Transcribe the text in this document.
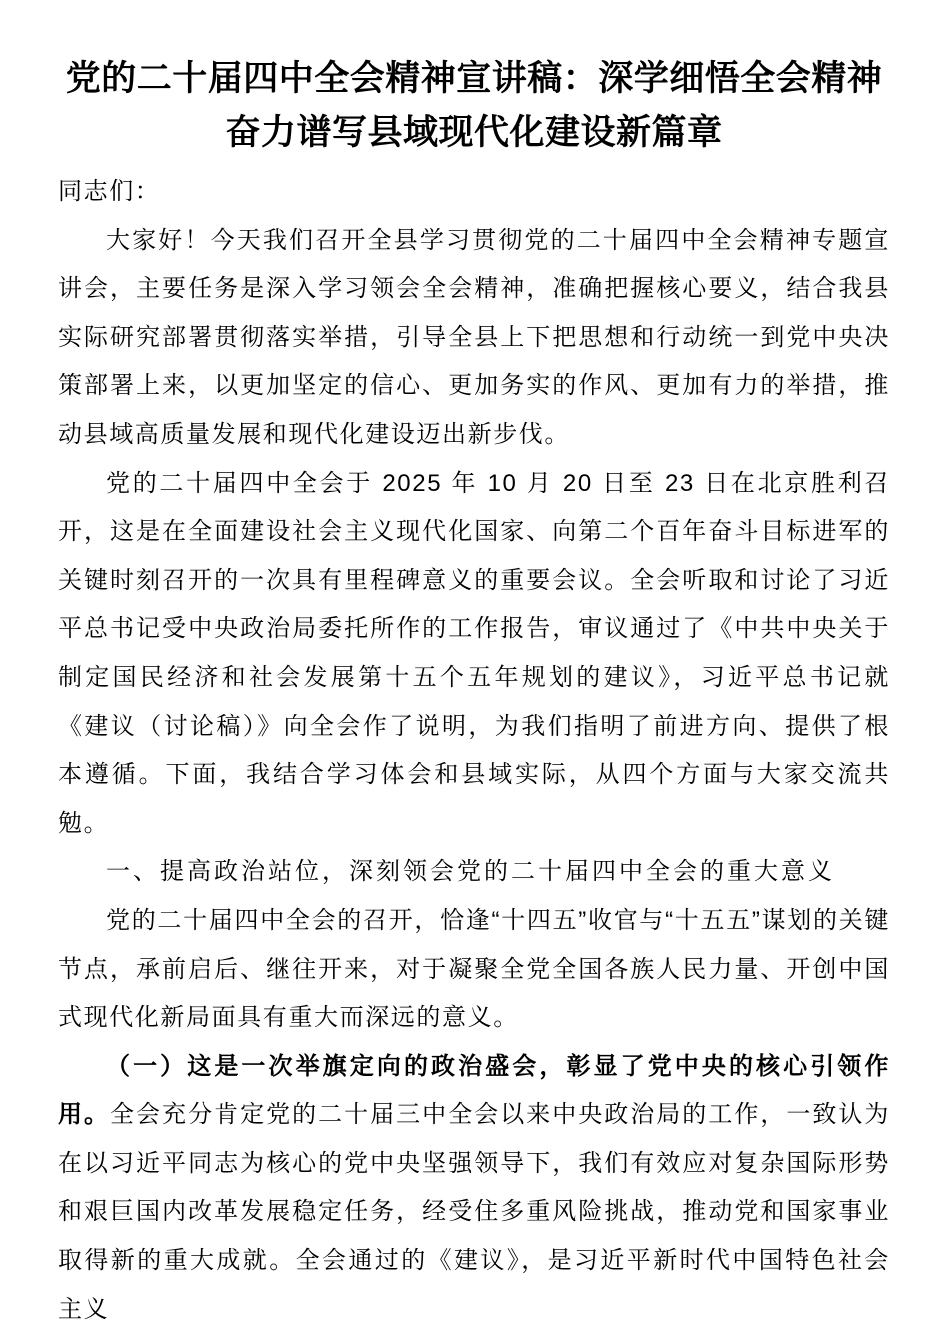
党的二十届四中全会精神宣讲稿：深学细悟全会精神
奋力谱写县域现代化建设新篇章

同志们：

大家好！今天我们召开全县学习贯彻党的二十届四中全会精神专题宣讲会，主要任务是深入学习领会全会精神，准确把握核心要义，结合我县实际研究部署贯彻落实举措，引导全县上下把思想和行动统一到党中央决策部署上来，以更加坚定的信心、更加务实的作风、更加有力的举措，推动县域高质量发展和现代化建设迈出新步伐。

党的二十届四中全会于 2025 年 10 月 20 日至 23 日在北京胜利召开，这是在全面建设社会主义现代化国家、向第二个百年奋斗目标进军的关键时刻召开的一次具有里程碑意义的重要会议。全会听取和讨论了习近平总书记受中央政治局委托所作的工作报告，审议通过了《中共中央关于制定国民经济和社会发展第十五个五年规划的建议》，习近平总书记就《建议（讨论稿）》向全会作了说明，为我们指明了前进方向、提供了根本遵循。下面，我结合学习体会和县域实际，从四个方面与大家交流共勉。

一、提高政治站位，深刻领会党的二十届四中全会的重大意义

党的二十届四中全会的召开，恰逢“十四五”收官与“十五五”谋划的关键节点，承前启后、继往开来，对于凝聚全党全国各族人民力量、开创中国式现代化新局面具有重大而深远的意义。

（一）这是一次举旗定向的政治盛会，彰显了党中央的核心引领作用。全会充分肯定党的二十届三中全会以来中央政治局的工作，一致认为在以习近平同志为核心的党中央坚强领导下，我们有效应对复杂国际形势和艰巨国内改革发展稳定任务，经受住多重风险挑战，推动党和国家事业取得新的重大成就。全会通过的《建议》，是习近平新时代中国特色社会主义
